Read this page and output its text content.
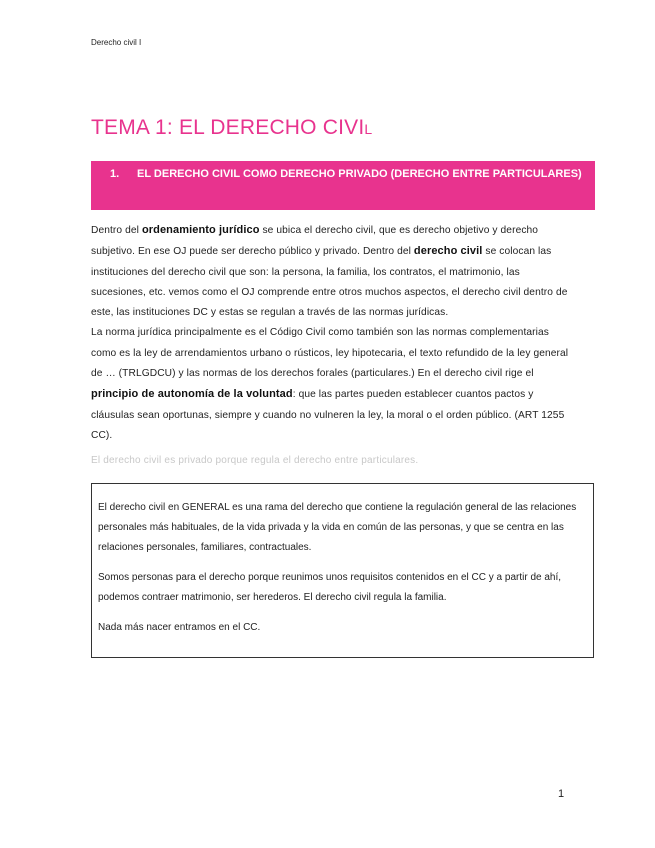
Derecho civil I
TEMA 1: EL DERECHO CIVIL
1. EL DERECHO CIVIL COMO DERECHO PRIVADO (DERECHO ENTRE PARTICULARES)

Dentro del ordenamiento jurídico se ubica el derecho civil, que es derecho objetivo y derecho subjetivo. En ese OJ puede ser derecho público y privado. Dentro del derecho civil se colocan las instituciones del derecho civil que son: la persona, la familia, los contratos, el matrimonio, las sucesiones, etc. vemos como el OJ comprende entre otros muchos aspectos, el derecho civil dentro de este, las instituciones DC y estas se regulan a través de las normas jurídicas.

La norma jurídica principalmente es el Código Civil como también son las normas complementarias como es la ley de arrendamientos urbano o rústicos, ley hipotecaria, el texto refundido de la ley general de … (TRLGDCU) y las normas de los derechos forales (particulares.) En el derecho civil rige el principio de autonomía de la voluntad: que las partes pueden establecer cuantos pactos y cláusulas sean oportunas, siempre y cuando no vulneren la ley, la moral o el orden público. (ART 1255 CC).

El derecho civil es privado porque regula el derecho entre particulares.

El derecho civil en GENERAL es una rama del derecho que contiene la regulación general de las relaciones personales más habituales, de la vida privada y la vida en común de las personas, y que se centra en las relaciones personales, familiares, contractuales.

Somos personas para el derecho porque reunimos unos requisitos contenidos en el CC y a partir de ahí, podemos contraer matrimonio, ser herederos. El derecho civil regula la familia.

Nada más nacer entramos en el CC.

1
